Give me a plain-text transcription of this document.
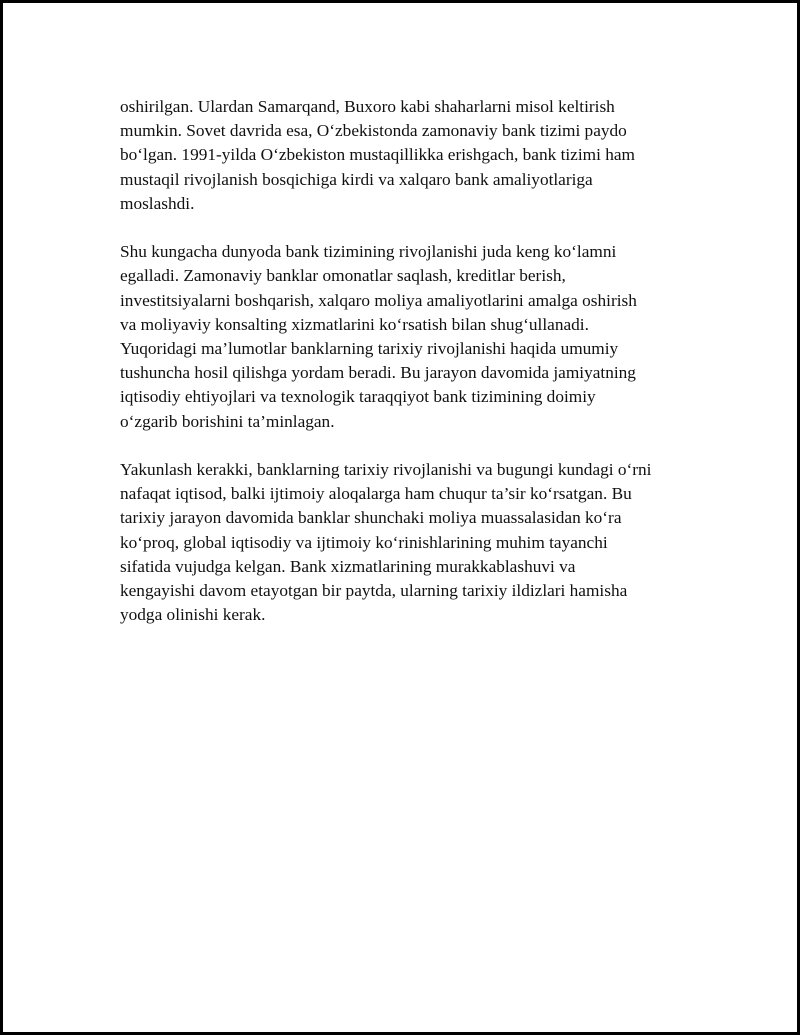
oshirilgan. Ulardan Samarqand, Buxoro kabi shaharlarni misol keltirish
mumkin. Sovet davrida esa, O‘zbekistonda zamonaviy bank tizimi paydo
bo‘lgan. 1991-yilda O‘zbekiston mustaqillikka erishgach, bank tizimi ham
mustaqil rivojlanish bosqichiga kirdi va xalqaro bank amaliyotlariga
moslashdi.

Shu kungacha dunyoda bank tizimining rivojlanishi juda keng ko‘lamni
egalladi. Zamonaviy banklar omonatlar saqlash, kreditlar berish,
investitsiyalarni boshqarish, xalqaro moliya amaliyotlarini amalga oshirish
va moliyaviy konsalting xizmatlarini ko‘rsatish bilan shug‘ullanadi.
Yuqoridagi ma’lumotlar banklarning tarixiy rivojlanishi haqida umumiy
tushuncha hosil qilishga yordam beradi. Bu jarayon davomida jamiyatning
iqtisodiy ehtiyojlari va texnologik taraqqiyot bank tizimining doimiy
o‘zgarib borishini ta’minlagan.

Yakunlash kerakki, banklarning tarixiy rivojlanishi va bugungi kundagi o‘rni
nafaqat iqtisod, balki ijtimoiy aloqalarga ham chuqur ta’sir ko‘rsatgan. Bu
tarixiy jarayon davomida banklar shunchaki moliya muassalasidan ko‘ra
ko‘proq, global iqtisodiy va ijtimoiy ko‘rinishlarining muhim tayanchi
sifatida vujudga kelgan. Bank xizmatlarining murakkablashuvi va
kengayishi davom etayotgan bir paytda, ularning tarixiy ildizlari hamisha
yodga olinishi kerak.
